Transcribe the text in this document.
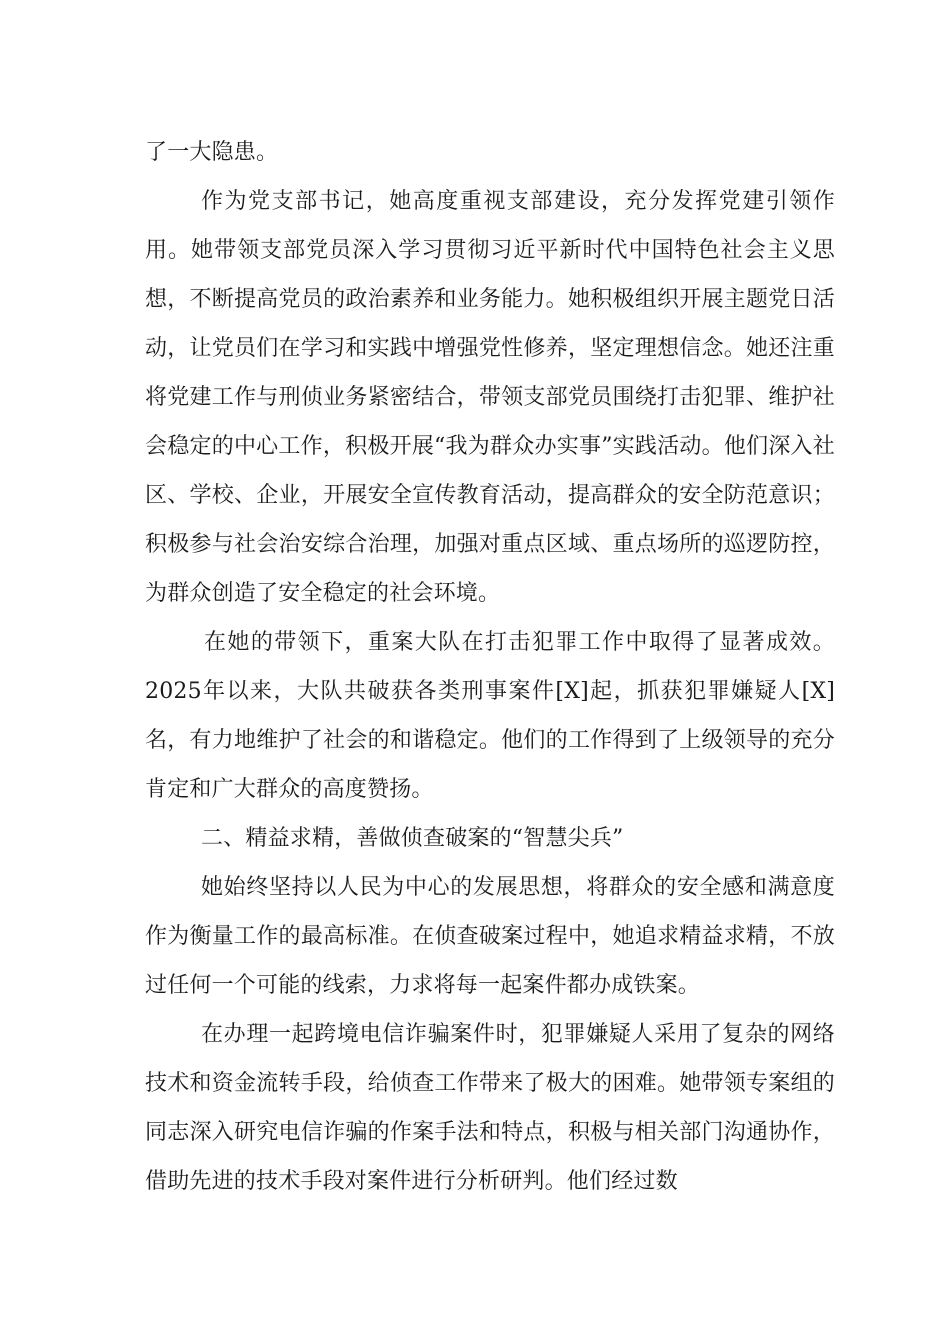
了一大隐患。

作为党支部书记，她高度重视支部建设，充分发挥党建引领作用。她带领支部党员深入学习贯彻习近平新时代中国特色社会主义思想，不断提高党员的政治素养和业务能力。她积极组织开展主题党日活动，让党员们在学习和实践中增强党性修养，坚定理想信念。她还注重将党建工作与刑侦业务紧密结合，带领支部党员围绕打击犯罪、维护社会稳定的中心工作，积极开展“我为群众办实事”实践活动。他们深入社区、学校、企业，开展安全宣传教育活动，提高群众的安全防范意识；积极参与社会治安综合治理，加强对重点区域、重点场所的巡逻防控，为群众创造了安全稳定的社会环境。

在她的带领下，重案大队在打击犯罪工作中取得了显著成效。2025年以来，大队共破获各类刑事案件[X]起，抓获犯罪嫌疑人[X]名，有力地维护了社会的和谐稳定。他们的工作得到了上级领导的充分肯定和广大群众的高度赞扬。

二、精益求精，善做侦查破案的“智慧尖兵”

她始终坚持以人民为中心的发展思想，将群众的安全感和满意度作为衡量工作的最高标准。在侦查破案过程中，她追求精益求精，不放过任何一个可能的线索，力求将每一起案件都办成铁案。

在办理一起跨境电信诈骗案件时，犯罪嫌疑人采用了复杂的网络技术和资金流转手段，给侦查工作带来了极大的困难。她带领专案组的同志深入研究电信诈骗的作案手法和特点，积极与相关部门沟通协作，借助先进的技术手段对案件进行分析研判。他们经过数
